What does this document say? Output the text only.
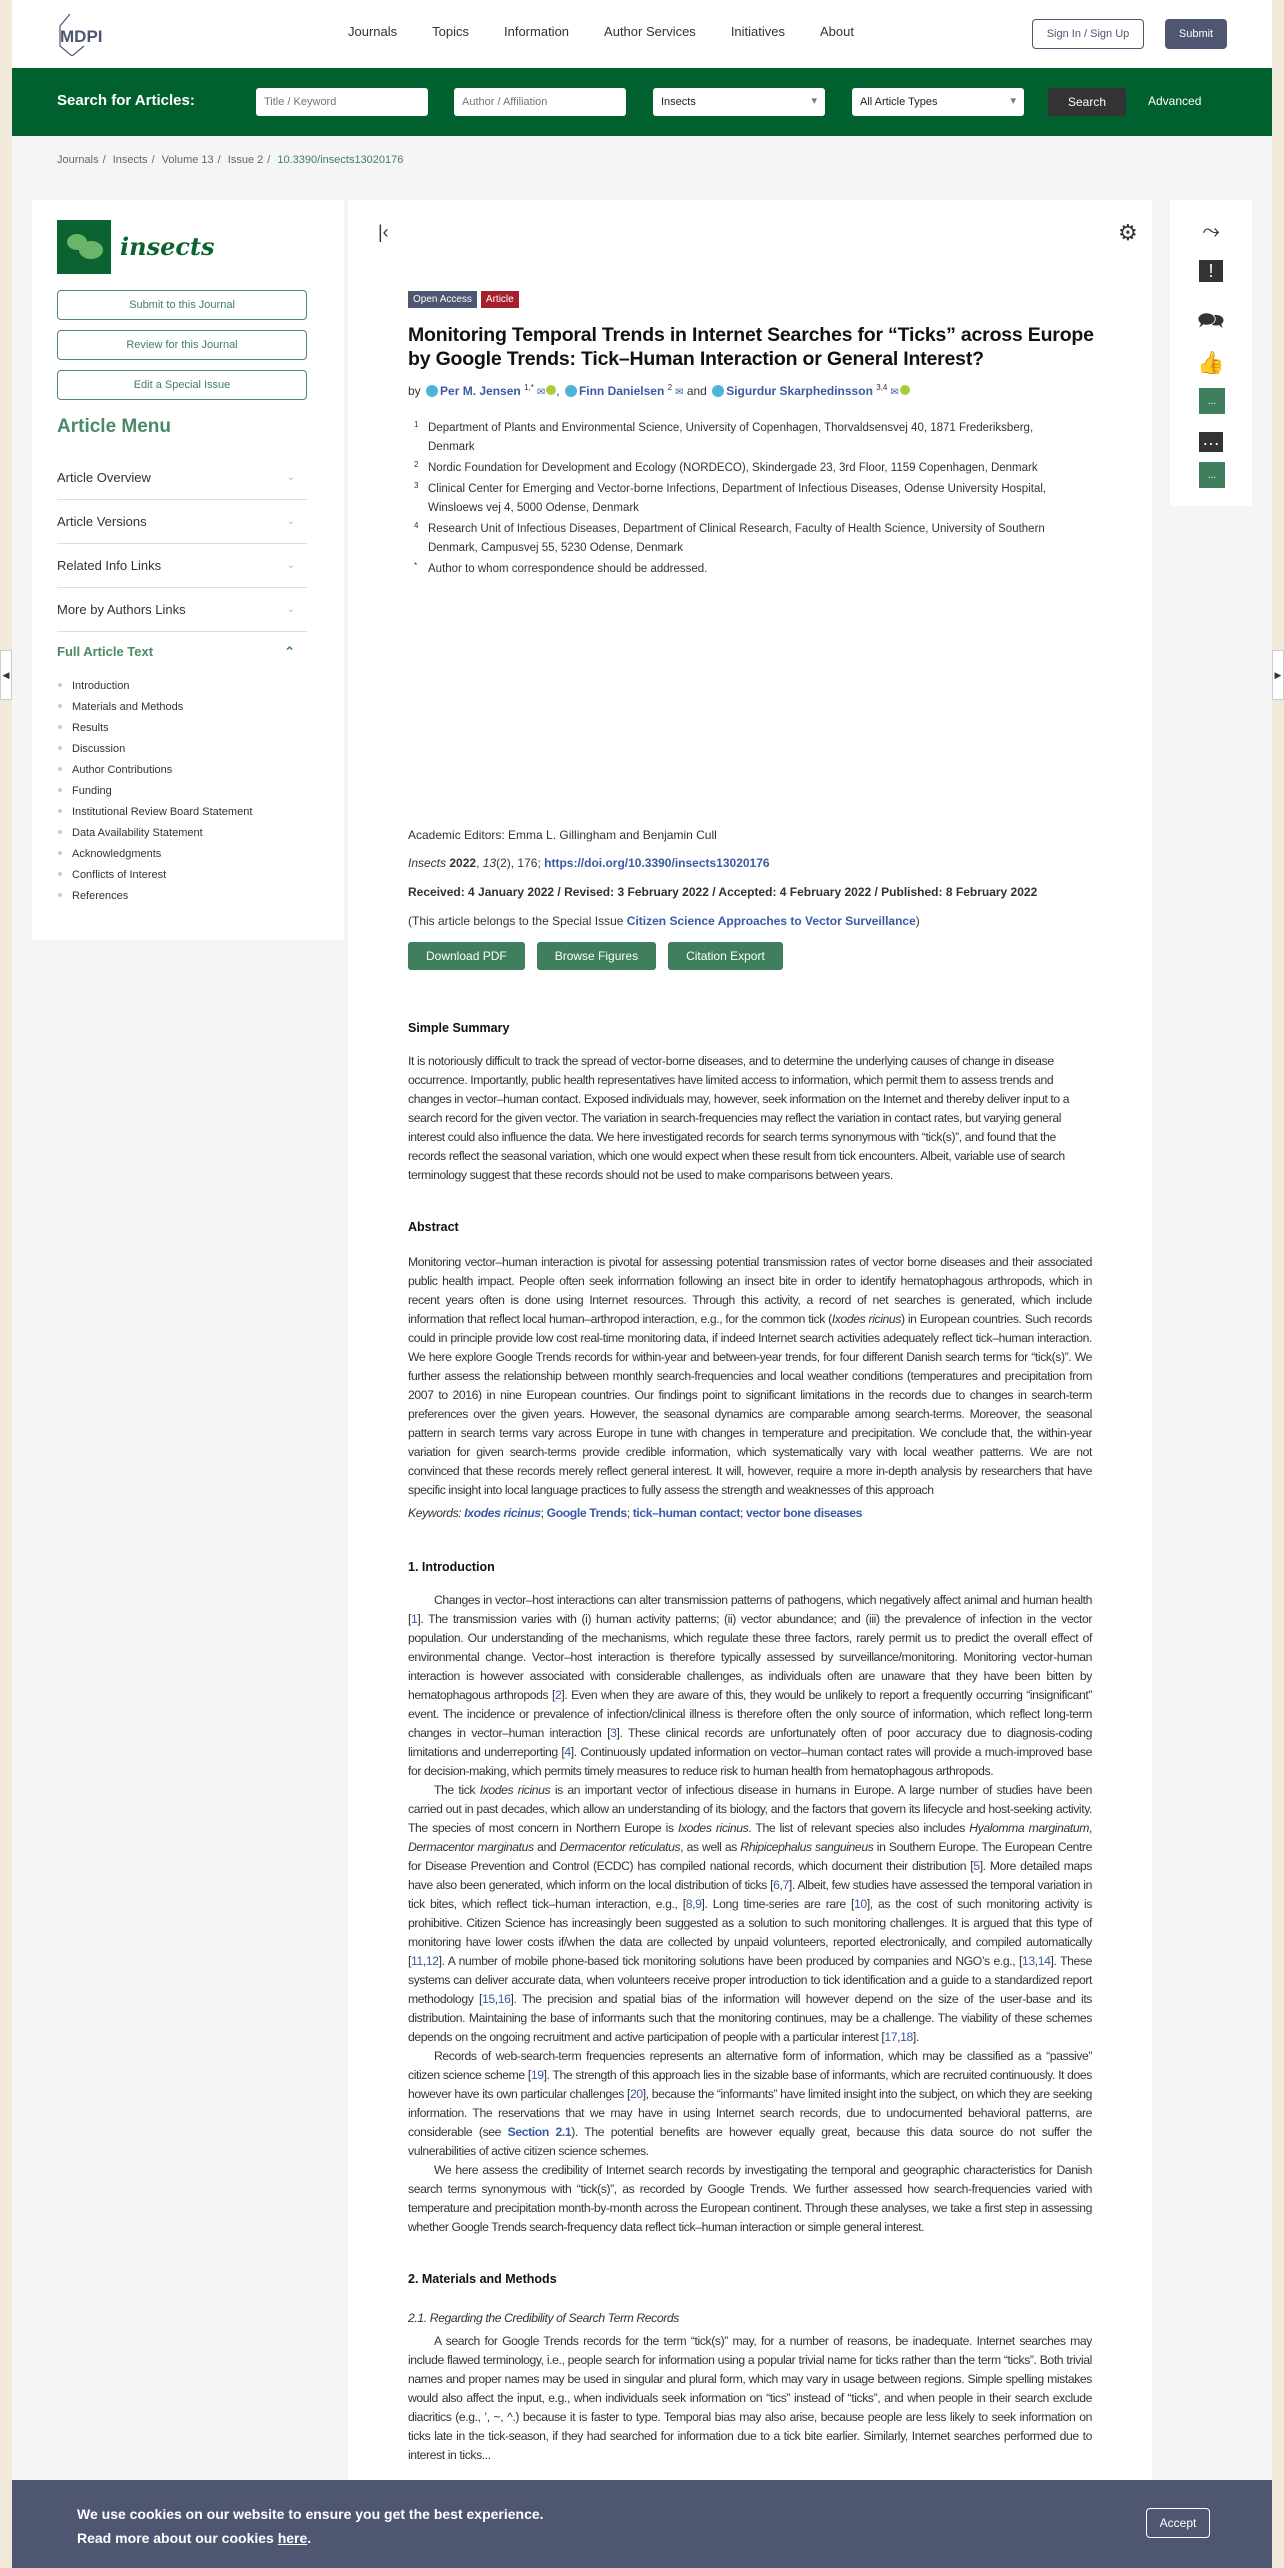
MDPI	Journals	Topics	Information	Author Services	Initiatives	About	Sign In / Sign Up	Submit
Search for Articles:
Title / Keyword
Author / Affiliation	Insects ▾	All Article Types ▾	Search	Advanced
Journals / Insects / Volume 13 / Issue 2 / 10.3390/insects13020176
insects
Submit to this Journal
Review for this Journal
Edit a Special Issue
Article Menu
Article Overview	⌄
Article Versions	⌄
Related Info Links	⌄
More by Authors Links	⌄
Full Article Text	⌃
Introduction
Materials and Methods
Results
Discussion
Author Contributions
Funding
Institutional Review Board Statement
Data Availability Statement
Acknowledgments
Conflicts of Interest
References
|‹	⚙
Open Access	Article
Monitoring Temporal Trends in Internet Searches for “Ticks” across Europe by Google Trends: Tick–Human Interaction or General Interest?
by Per M. Jensen $^{1,*}$ ✉ , Finn Danielsen $^2$ ✉ and Sigurdur Skarphedinsson $^{3,4}$ ✉
1 Department of Plants and Environmental Science, University of Copenhagen, Thorvaldsensvej 40, 1871 Frederiksberg, Denmark
2 Nordic Foundation for Development and Ecology (NORDECO), Skindergade 23, 3rd Floor, 1159 Copenhagen, Denmark
3 Clinical Center for Emerging and Vector-borne Infections, Department of Infectious Diseases, Odense University Hospital, Winsloews vej 4, 5000 Odense, Denmark
4 Research Unit of Infectious Diseases, Department of Clinical Research, Faculty of Health Science, University of Southern Denmark, Campusvej 55, 5230 Odense, Denmark
* Author to whom correspondence should be addressed.
Academic Editors: Emma L. Gillingham and Benjamin Cull
Insects 2022, 13(2), 176; https://doi.org/10.3390/insects13020176
Received: 4 January 2022 / Revised: 3 February 2022 / Accepted: 4 February 2022 / Published: 8 February 2022
(This article belongs to the Special Issue Citizen Science Approaches to Vector Surveillance)
Download PDF	Browse Figures	Citation Export
Simple Summary
It is notoriously difficult to track the spread of vector-borne diseases, and to determine the underlying causes of change in disease occurrence. Importantly, public health representatives have limited access to information, which permit them to assess trends and changes in vector–human contact. Exposed individuals may, however, seek information on the Internet and thereby deliver input to a search record for the given vector. The variation in search-frequencies may reflect the variation in contact rates, but varying general interest could also influence the data. We here investigated records for search terms synonymous with “tick(s)”, and found that the records reflect the seasonal variation, which one would expect when these result from tick encounters. Albeit, variable use of search terminology suggest that these records should not be used to make comparisons between years.
Abstract
Monitoring vector–human interaction is pivotal for assessing potential transmission rates of vector borne diseases and their associated public health impact. People often seek information following an insect bite in order to identify hematophagous arthropods, which in recent years often is done using Internet resources. Through this activity, a record of net searches is generated, which include information that reflect local human–arthropod interaction, e.g., for the common tick (Ixodes ricinus) in European countries. Such records could in principle provide low cost real-time monitoring data, if indeed Internet search activities adequately reflect tick–human interaction. We here explore Google Trends records for within-year and between-year trends, for four different Danish search terms for “tick(s)”. We further assess the relationship between monthly search-frequencies and local weather conditions (temperatures and precipitation from 2007 to 2016) in nine European countries. Our findings point to significant limitations in the records due to changes in search-term preferences over the given years. However, the seasonal dynamics are comparable among search-terms. Moreover, the seasonal pattern in search terms vary across Europe in tune with changes in temperature and precipitation. We conclude that, the within-year variation for given search-terms provide credible information, which systematically vary with local weather patterns. We are not convinced that these records merely reflect general interest. It will, however, require a more in-depth analysis by researchers that have specific insight into local language practices to fully assess the strength and weaknesses of this approach
Keywords: Ixodes ricinus; Google Trends; tick–human contact; vector bone diseases
1. Introduction
Changes in vector–host interactions can alter transmission patterns of pathogens, which negatively affect animal and human health [1]. The transmission varies with (i) human activity patterns; (ii) vector abundance; and (iii) the prevalence of infection in the vector population. Our understanding of the mechanisms, which regulate these three factors, rarely permit us to predict the overall effect of environmental change. Vector–host interaction is therefore typically assessed by surveillance/monitoring. Monitoring vector-human interaction is however associated with considerable challenges, as individuals often are unaware that they have been bitten by hematophagous arthropods [2]. Even when they are aware of this, they would be unlikely to report a frequently occurring “insignificant” event. The incidence or prevalence of infection/clinical illness is therefore often the only source of information, which reflect long-term changes in vector–human interaction [3]. These clinical records are unfortunately often of poor accuracy due to diagnosis-coding limitations and underreporting [4]. Continuously updated information on vector–human contact rates will provide a much-improved base for decision-making, which permits timely measures to reduce risk to human health from hematophagous arthropods.
The tick Ixodes ricinus is an important vector of infectious disease in humans in Europe. A large number of studies have been carried out in past decades, which allow an understanding of its biology, and the factors that govern its lifecycle and host-seeking activity. The species of most concern in Northern Europe is Ixodes ricinus. The list of relevant species also includes Hyalomma marginatum, Dermacentor marginatus and Dermacentor reticulatus, as well as Rhipicephalus sanguineus in Southern Europe. The European Centre for Disease Prevention and Control (ECDC) has compiled national records, which document their distribution [5]. More detailed maps have also been generated, which inform on the local distribution of ticks [6,7]. Albeit, few studies have assessed the temporal variation in tick bites, which reflect tick–human interaction, e.g., [8,9]. Long time-series are rare [10], as the cost of such monitoring activity is prohibitive. Citizen Science has increasingly been suggested as a solution to such monitoring challenges. It is argued that this type of monitoring have lower costs if/when the data are collected by unpaid volunteers, reported electronically, and compiled automatically [11,12]. A number of mobile phone-based tick monitoring solutions have been produced by companies and NGO’s e.g., [13,14]. These systems can deliver accurate data, when volunteers receive proper introduction to tick identification and a guide to a standardized report methodology [15,16]. The precision and spatial bias of the information will however depend on the size of the user-base and its distribution. Maintaining the base of informants such that the monitoring continues, may be a challenge. The viability of these schemes depends on the ongoing recruitment and active participation of people with a particular interest [17,18].
Records of web-search-term frequencies represents an alternative form of information, which may be classified as a “passive” citizen science scheme [19]. The strength of this approach lies in the sizable base of informants, which are recruited continuously. It does however have its own particular challenges [20], because the “informants” have limited insight into the subject, on which they are seeking information. The reservations that we may have in using Internet search records, due to undocumented behavioral patterns, are considerable (see Section 2.1). The potential benefits are however equally great, because this data source do not suffer the vulnerabilities of active citizen science schemes.
We here assess the credibility of Internet search records by investigating the temporal and geographic characteristics for Danish search terms synonymous with “tick(s)”, as recorded by Google Trends. We further assessed how search-frequencies varied with temperature and precipitation month-by-month across the European continent. Through these analyses, we take a first step in assessing whether Google Trends search-frequency data reflect tick–human interaction or simple general interest.
2. Materials and Methods
2.1. Regarding the Credibility of Search Term Records
A search for Google Trends records for the term “tick(s)” may, for a number of reasons, be inadequate. Internet searches may include flawed terminology, i.e., people search for information using a popular trivial name for ticks rather than the term “ticks”. Both trivial names and proper names may be used in singular and plural form, which may vary in usage between regions. Simple spelling mistakes would also affect the input, e.g., when individuals seek information on “tics” instead of “ticks”, and when people in their search exclude diacritics (e.g., ’, ~, ^.) because it is faster to type. Temporal bias may also arise, because people are less likely to seek information on ticks late in the tick-season, if they had searched for information due to a tick bite earlier. Similarly, Internet searches performed due to interest in ticks...
⤳
!
🗪
👍
...
…
...
◀	▶
We use cookies on our website to ensure you get the best experience.
Read more about our cookies here.
Accept
